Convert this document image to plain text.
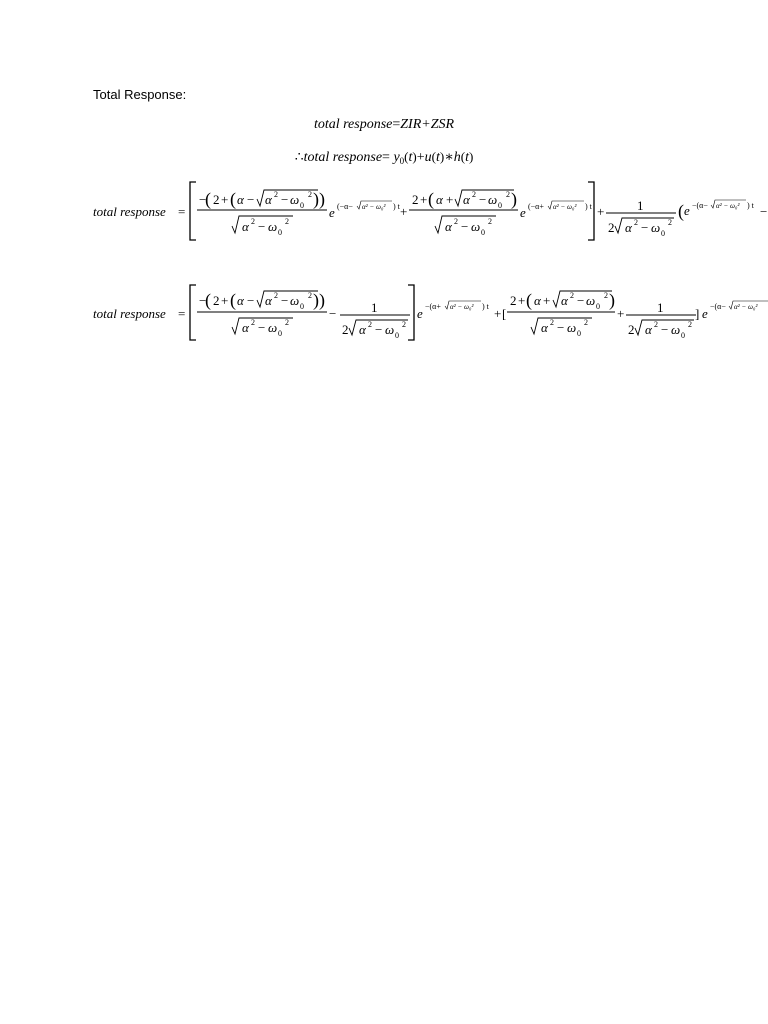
Total Response:
total response=ZIR+ZSR
∴total response= $y_0(t)+u(t)∗h(t)$
total response =
−
( 2 + ( α − α 2 − ω 0
2 ) )
α 2 − ω 0
2
e (−α− α² − ω₀² ) t +
2 + ( α + α 2 − ω 0
2 )
α 2 − ω 0
2
e (−α+ α² − ω₀² ) t +	1
2 α 2 − ω 0
2
( e −(α− α² − ω₀² ) t −
total response =
−
( 2 + ( α − α 2 − ω 0
2 ) )
α 2 − ω 0
2
−	1
2 α 2 − ω 0
2
e −(α+ α² − ω₀² ) t + [
2 + ( α + α 2 − ω 0
2 )
α 2 − ω 0
2
+	1
2 α 2 − ω 0
2
] e −(α− α² − ω₀²
